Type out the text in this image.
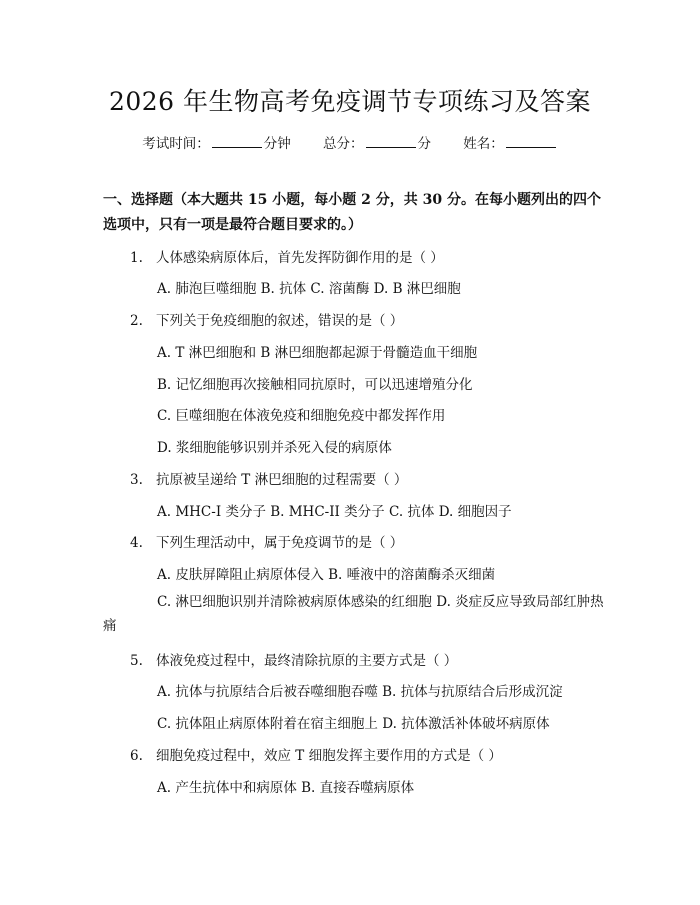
2026 年生物高考免疫调节专项练习及答案
考试时间：	分钟 总分：	分 姓名：
一、选择题（本大题共 15 小题，每小题 2 分，共 30 分。在每小题列出的四个选项中，只有一项是最符合题目要求的。）
1. 人体感染病原体后，首先发挥防御作用的是（ ）
A. 肺泡巨噬细胞 B. 抗体 C. 溶菌酶 D. B 淋巴细胞
2. 下列关于免疫细胞的叙述，错误的是（ ）
A. T 淋巴细胞和 B 淋巴细胞都起源于骨髓造血干细胞
B. 记忆细胞再次接触相同抗原时，可以迅速增殖分化
C. 巨噬细胞在体液免疫和细胞免疫中都发挥作用
D. 浆细胞能够识别并杀死入侵的病原体
3. 抗原被呈递给 T 淋巴细胞的过程需要（ ）
A. MHC-I 类分子 B. MHC-II 类分子 C. 抗体 D. 细胞因子
4. 下列生理活动中，属于免疫调节的是（ ）
A. 皮肤屏障阻止病原体侵入 B. 唾液中的溶菌酶杀灭细菌
C. 淋巴细胞识别并清除被病原体感染的红细胞 D. 炎症反应导致局部红肿热痛
5. 体液免疫过程中，最终清除抗原的主要方式是（ ）
A. 抗体与抗原结合后被吞噬细胞吞噬 B. 抗体与抗原结合后形成沉淀
C. 抗体阻止病原体附着在宿主细胞上 D. 抗体激活补体破坏病原体
6. 细胞免疫过程中，效应 T 细胞发挥主要作用的方式是（ ）
A. 产生抗体中和病原体 B. 直接吞噬病原体
